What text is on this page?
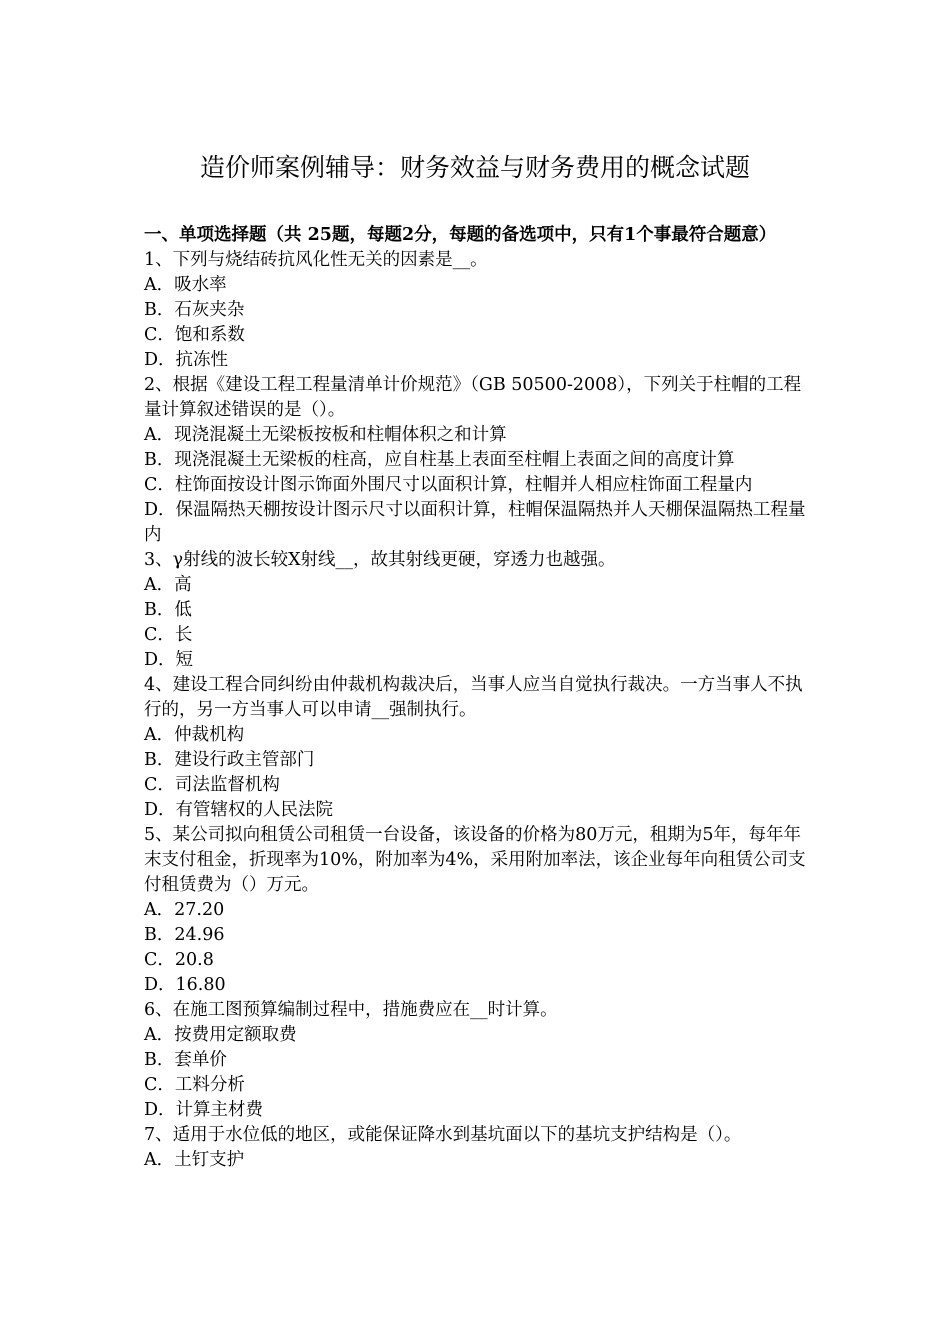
造价师案例辅导：财务效益与财务费用的概念试题

一、单项选择题（共 25题，每题2分，每题的备选项中，只有1个事最符合题意）

1、下列与烧结砖抗风化性无关的因素是__。

A．吸水率

B．石灰夹杂

C．饱和系数

D．抗冻性

2、根据《建设工程工程量清单计价规范》（GB 50500-2008），下列关于柱帽的工程量计算叙述错误的是（）。

A．现浇混凝土无梁板按板和柱帽体积之和计算

B．现浇混凝土无梁板的柱高，应自柱基上表面至柱帽上表面之间的高度计算

C．柱饰面按设计图示饰面外围尺寸以面积计算，柱帽并人相应柱饰面工程量内

D．保温隔热天棚按设计图示尺寸以面积计算，柱帽保温隔热并人天棚保温隔热工程量内

3、γ射线的波长较X射线__，故其射线更硬，穿透力也越强。

A．高

B．低

C．长

D．短

4、建设工程合同纠纷由仲裁机构裁决后，当事人应当自觉执行裁决。一方当事人不执行的，另一方当事人可以申请__强制执行。

A．仲裁机构

B．建设行政主管部门

C．司法监督机构

D．有管辖权的人民法院

5、某公司拟向租赁公司租赁一台设备，该设备的价格为80万元，租期为5年，每年年末支付租金，折现率为10%，附加率为4%，采用附加率法，该企业每年向租赁公司支付租赁费为（）万元。

A．27.20

B．24.96

C．20.8

D．16.80

6、在施工图预算编制过程中，措施费应在__时计算。

A．按费用定额取费

B．套单价

C．工料分析

D．计算主材费

7、适用于水位低的地区，或能保证降水到基坑面以下的基坑支护结构是（）。

A．土钉支护
